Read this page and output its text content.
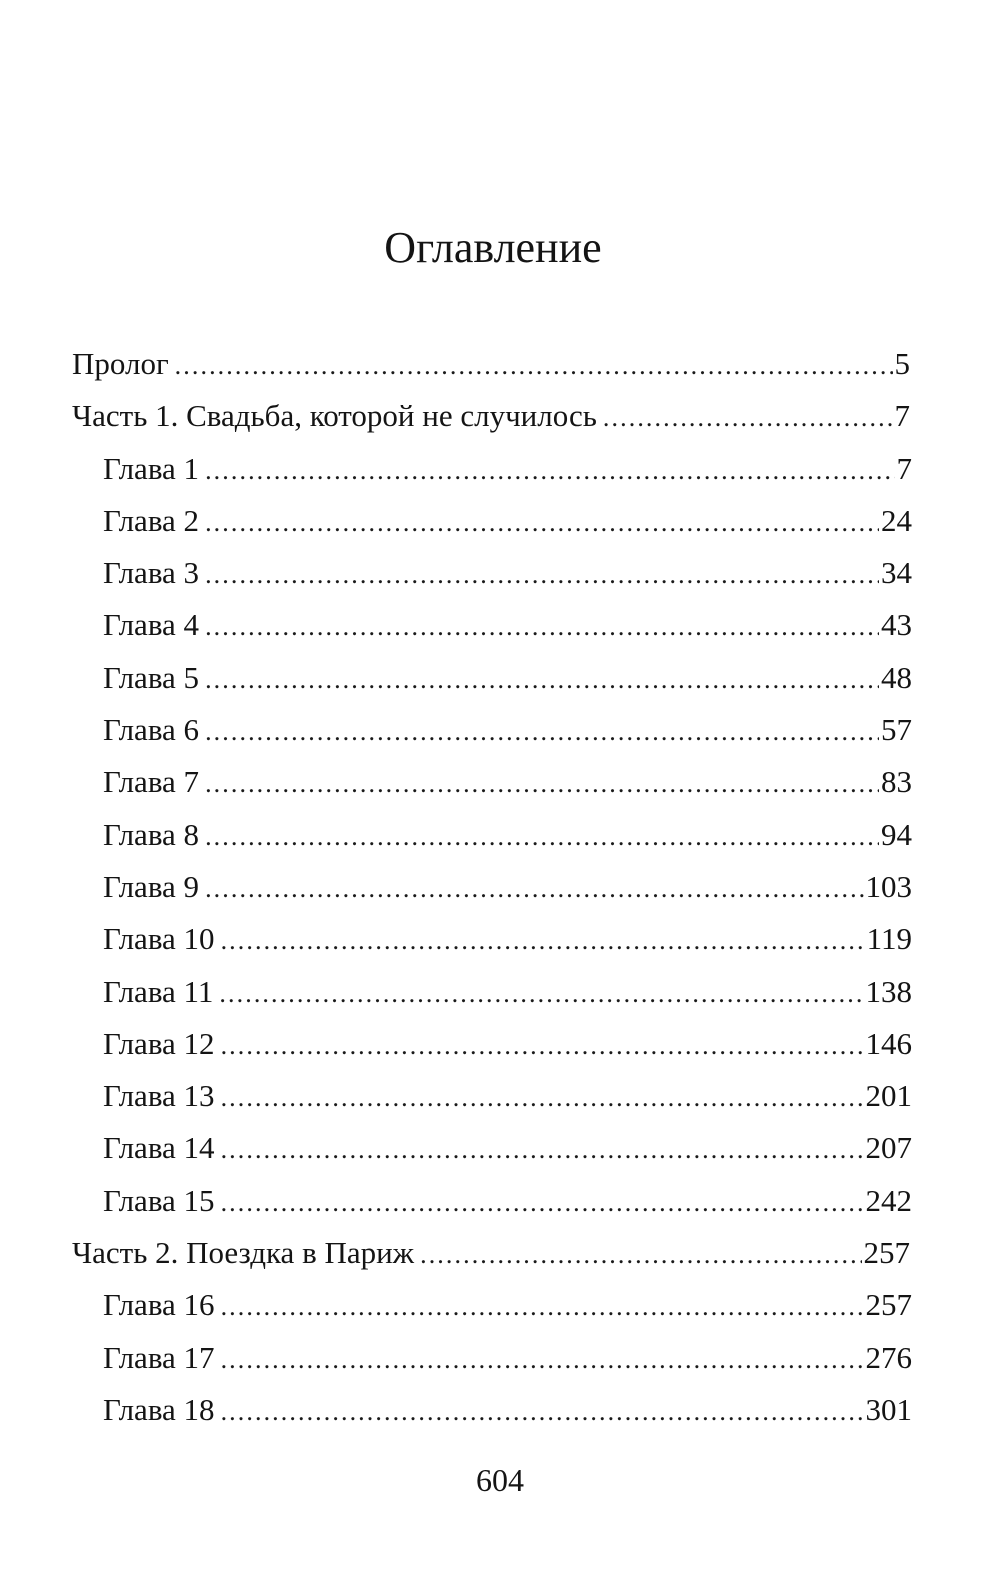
Оглавление
Пролог . . .	5
Часть 1. Свадьба, которой не случилось . . .	7
Глава 1 . . .	7
Глава 2 . . .	24
Глава 3 . . .	34
Глава 4 . . .	43
Глава 5 . . .	48
Глава 6 . . .	57
Глава 7 . . .	83
Глава 8 . . .	94
Глава 9 . . .	103
Глава 10 . . .	119
Глава 11 . . .	138
Глава 12 . . .	146
Глава 13 . . .	201
Глава 14 . . .	207
Глава 15 . . .	242
Часть 2. Поездка в Париж . . .	257
Глава 16 . . .	257
Глава 17 . . .	276
Глава 18 . . .	301
604
